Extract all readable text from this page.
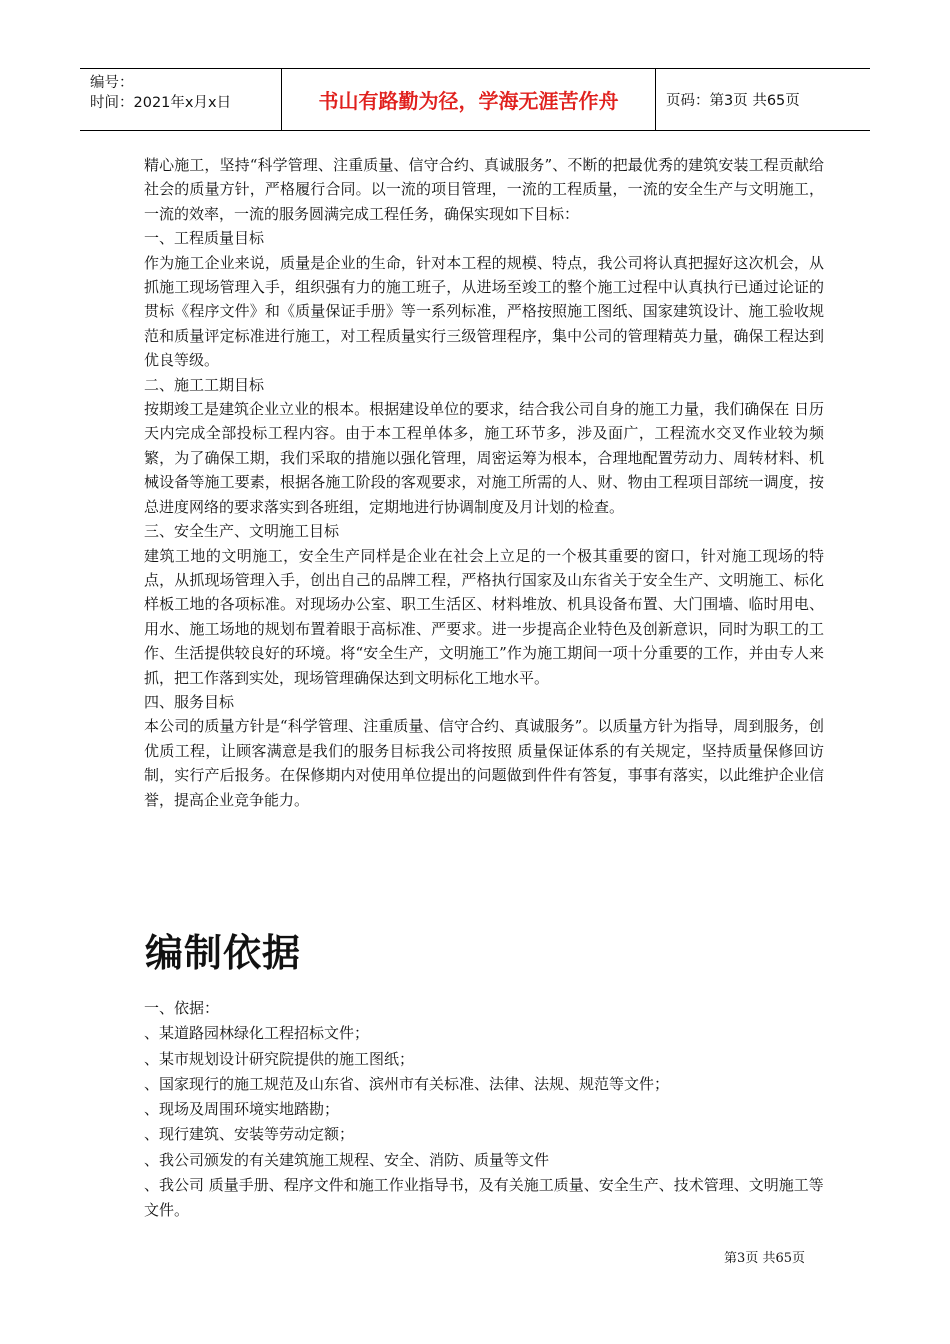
编号：
时间：2021年x月x日	书山有路勤为径，学海无涯苦作舟	页码：第3页 共65页

精心施工，坚持“科学管理、注重质量、信守合约、真诚服务”、不断的把最优秀的建筑安装工程贡献给社会的质量方针，严格履行合同。以一流的项目管理，一流的工程质量，一流的安全生产与文明施工，一流的效率，一流的服务圆满完成工程任务，确保实现如下目标：

一、工程质量目标

作为施工企业来说，质量是企业的生命，针对本工程的规模、特点，我公司将认真把握好这次机会，从抓施工现场管理入手，组织强有力的施工班子，从进场至竣工的整个施工过程中认真执行已通过论证的 贯标《程序文件》和《质量保证手册》等一系列标准，严格按照施工图纸、国家建筑设计、施工验收规范和质量评定标准进行施工，对工程质量实行三级管理程序，集中公司的管理精英力量，确保工程达到优良等级。

二、施工工期目标

按期竣工是建筑企业立业的根本。根据建设单位的要求，结合我公司自身的施工力量，我们确保在 日历天内完成全部投标工程内容。由于本工程单体多，施工环节多，涉及面广，工程流水交叉作业较为频繁，为了确保工期，我们采取的措施以强化管理，周密运筹为根本，合理地配置劳动力、周转材料、机械设备等施工要素，根据各施工阶段的客观要求，对施工所需的人、财、物由工程项目部统一调度，按总进度网络的要求落实到各班组，定期地进行协调制度及月计划的检查。

三、安全生产、文明施工目标

建筑工地的文明施工，安全生产同样是企业在社会上立足的一个极其重要的窗口，针对施工现场的特点，从抓现场管理入手，创出自己的品牌工程，严格执行国家及山东省关于安全生产、文明施工、标化样板工地的各项标准。对现场办公室、职工生活区、材料堆放、机具设备布置、大门围墙、临时用电、用水、施工场地的规划布置着眼于高标准、严要求。进一步提高企业特色及创新意识，同时为职工的工作、生活提供较良好的环境。将“安全生产，文明施工”作为施工期间一项十分重要的工作，并由专人来抓，把工作落到实处，现场管理确保达到文明标化工地水平。

四、服务目标

本公司的质量方针是“科学管理、注重质量、信守合约、真诚服务”。以质量方针为指导，周到服务，创优质工程，让顾客满意是我们的服务目标我公司将按照 质量保证体系的有关规定，坚持质量保修回访制，实行产后报务。在保修期内对使用单位提出的问题做到件件有答复，事事有落实，以此维护企业信誉，提高企业竞争能力。

编制依据

一、依据：

、某道路园林绿化工程招标文件；

、某市规划设计研究院提供的施工图纸；

、国家现行的施工规范及山东省、滨州市有关标准、法律、法规、规范等文件；

、现场及周围环境实地踏勘；

、现行建筑、安装等劳动定额；

、我公司颁发的有关建筑施工规程、安全、消防、质量等文件

、我公司 质量手册、程序文件和施工作业指导书，及有关施工质量、安全生产、技术管理、文明施工等文件。

第3页 共65页
